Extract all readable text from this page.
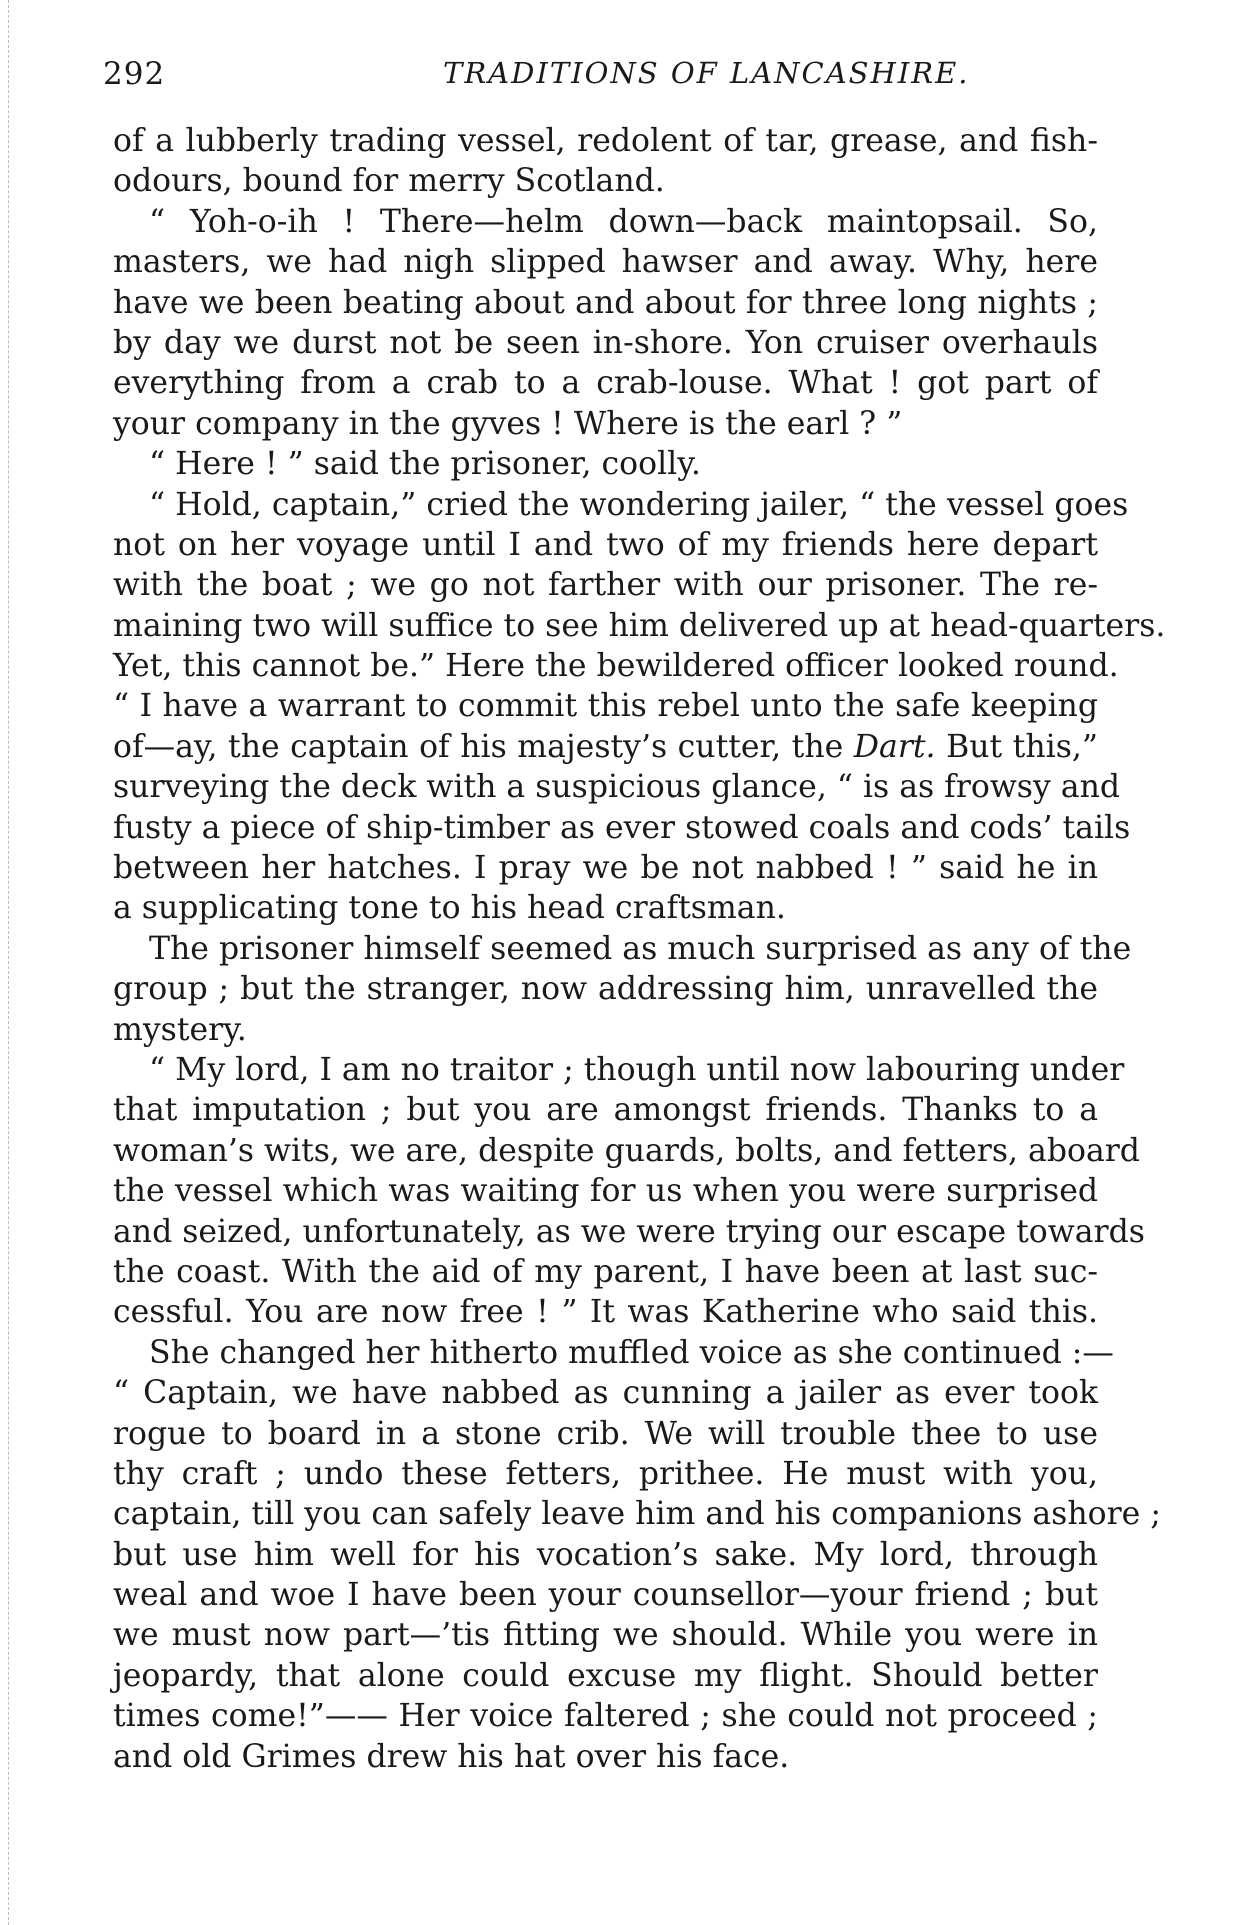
292	TRADITIONS OF LANCASHIRE.
of a lubberly trading vessel, redolent of tar, grease, and fish-
odours, bound for merry Scotland.
“ Yoh-o-ih ! There—helm down—back maintopsail. So,
masters, we had nigh slipped hawser and away. Why, here
have we been beating about and about for three long nights ;
by day we durst not be seen in-shore. Yon cruiser overhauls
everything from a crab to a crab-louse. What ! got part of
your company in the gyves ! Where is the earl ? ”
“ Here ! ” said the prisoner, coolly.
“ Hold, captain,” cried the wondering jailer, “ the vessel goes
not on her voyage until I and two of my friends here depart
with the boat ; we go not farther with our prisoner. The re-
maining two will suffice to see him delivered up at head-quarters.
Yet, this cannot be.” Here the bewildered officer looked round.
“ I have a warrant to commit this rebel unto the safe keeping
of—ay, the captain of his majesty’s cutter, the Dart. But this,”
surveying the deck with a suspicious glance, “ is as frowsy and
fusty a piece of ship-timber as ever stowed coals and cods’ tails
between her hatches. I pray we be not nabbed ! ” said he in
a supplicating tone to his head craftsman.
The prisoner himself seemed as much surprised as any of the
group ; but the stranger, now addressing him, unravelled the
mystery.
“ My lord, I am no traitor ; though until now labouring under
that imputation ; but you are amongst friends. Thanks to a
woman’s wits, we are, despite guards, bolts, and fetters, aboard
the vessel which was waiting for us when you were surprised
and seized, unfortunately, as we were trying our escape towards
the coast. With the aid of my parent, I have been at last suc-
cessful. You are now free ! ” It was Katherine who said this.
She changed her hitherto muffled voice as she continued :—
“ Captain, we have nabbed as cunning a jailer as ever took
rogue to board in a stone crib. We will trouble thee to use
thy craft ; undo these fetters, prithee. He must with you,
captain, till you can safely leave him and his companions ashore ;
but use him well for his vocation’s sake. My lord, through
weal and woe I have been your counsellor—your friend ; but
we must now part—’tis fitting we should. While you were in
jeopardy, that alone could excuse my flight. Should better
times come!”—— Her voice faltered ; she could not proceed ;
and old Grimes drew his hat over his face.
